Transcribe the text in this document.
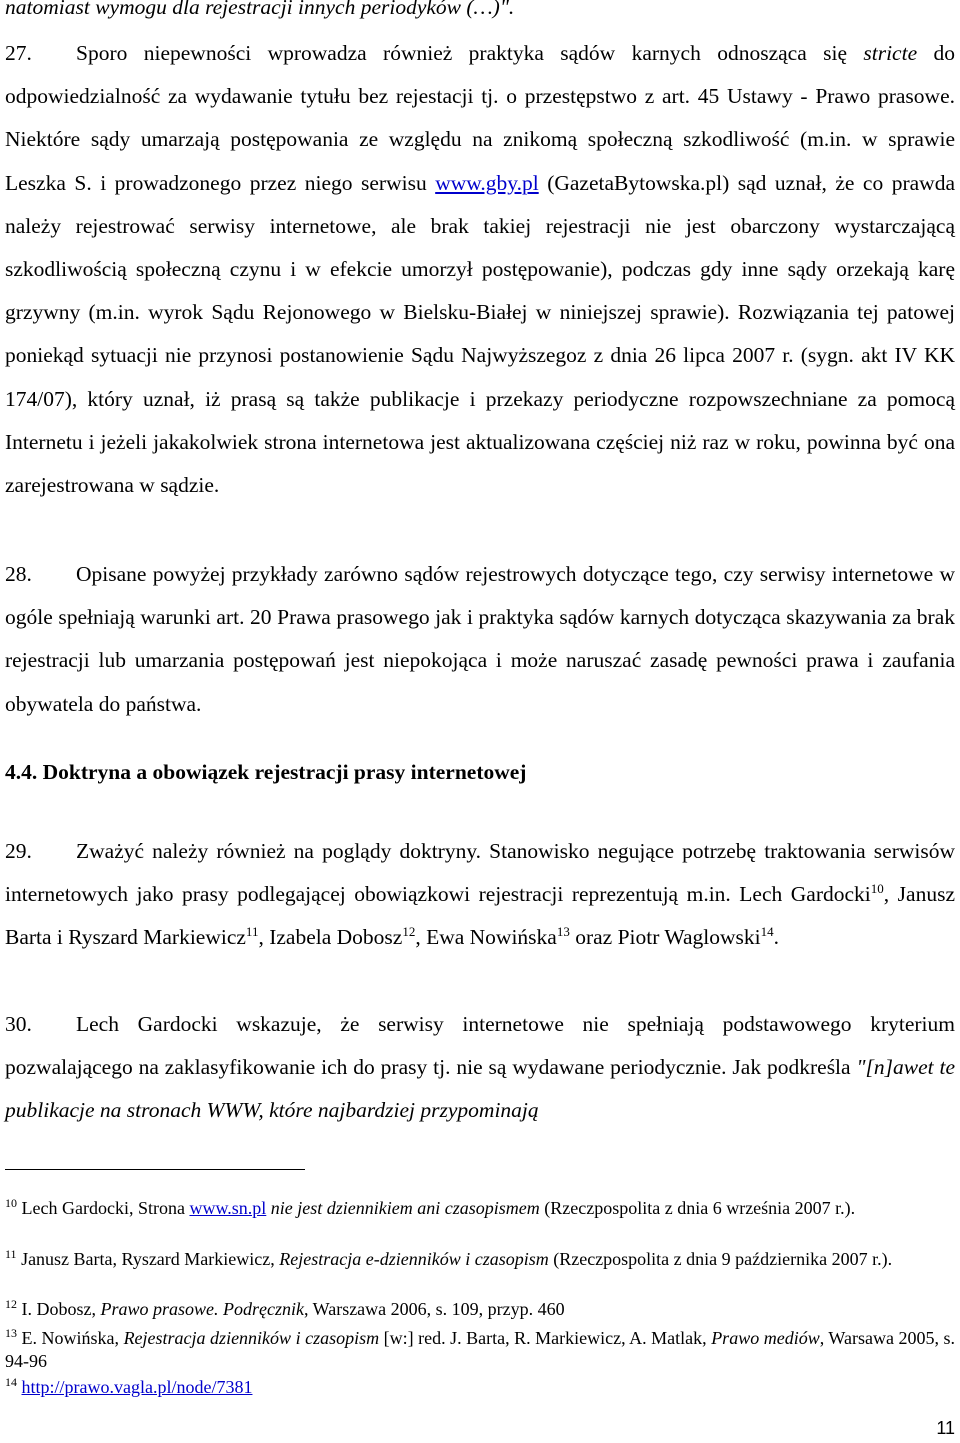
natomiast wymogu dla rejestracji innych periodyków (…)".

27. Sporo niepewności wprowadza również praktyka sądów karnych odnosząca się stricte do odpowiedzialność za wydawanie tytułu bez rejestacji tj. o przestępstwo z art. 45 Ustawy - Prawo prasowe. Niektóre sądy umarzają postępowania ze względu na znikomą społeczną szkodliwość (m.in. w sprawie Leszka S. i prowadzonego przez niego serwisu www.gby.pl (GazetaBytowska.pl) sąd uznał, że co prawda należy rejestrować serwisy internetowe, ale brak takiej rejestracji nie jest obarczony wystarczającą szkodliwością społeczną czynu i w efekcie umorzył postępowanie), podczas gdy inne sądy orzekają karę grzywny (m.in. wyrok Sądu Rejonowego w Bielsku-Białej w niniejszej sprawie). Rozwiązania tej patowej poniekąd sytuacji nie przynosi postanowienie Sądu Najwyższegoz z dnia 26 lipca 2007 r. (sygn. akt IV KK 174/07), który uznał, iż prasą są także publikacje i przekazy periodyczne rozpowszechniane za pomocą Internetu i jeżeli jakakolwiek strona internetowa jest aktualizowana częściej niż raz w roku, powinna być ona zarejestrowana w sądzie.

28. Opisane powyżej przykłady zarówno sądów rejestrowych dotyczące tego, czy serwisy internetowe w ogóle spełniają warunki art. 20 Prawa prasowego jak i praktyka sądów karnych dotycząca skazywania za brak rejestracji lub umarzania postępowań jest niepokojąca i może naruszać zasadę pewności prawa i zaufania obywatela do państwa.

4.4. Doktryna a obowiązek rejestracji prasy internetowej

29. Zważyć należy również na poglądy doktryny. Stanowisko negujące potrzebę traktowania serwisów internetowych jako prasy podlegającej obowiązkowi rejestracji reprezentują m.in. Lech Gardocki$^{10}$, Janusz Barta i Ryszard Markiewicz$^{11}$, Izabela Dobosz$^{12}$, Ewa Nowińska$^{13}$ oraz Piotr Waglowski$^{14}$.

30. Lech Gardocki wskazuje, że serwisy internetowe nie spełniają podstawowego kryterium pozwalającego na zaklasyfikowanie ich do prasy tj. nie są wydawane periodycznie. Jak podkreśla "[n]awet te publikacje na stronach WWW, które najbardziej przypominają

$^{10}$ Lech Gardocki, Strona www.sn.pl nie jest dziennikiem ani czasopismem (Rzeczpospolita z dnia 6 września 2007 r.).

$^{11}$ Janusz Barta, Ryszard Markiewicz, Rejestracja e-dzienników i czasopism (Rzeczpospolita z dnia 9 października 2007 r.).

$^{12}$ I. Dobosz, Prawo prasowe. Podręcznik, Warszawa 2006, s. 109, przyp. 460

$^{13}$ E. Nowińska, Rejestracja dzienników i czasopism [w:] red. J. Barta, R. Markiewicz, A. Matlak, Prawo mediów, Warsawa 2005, s. 94-96

$^{14}$ http://prawo.vagla.pl/node/7381

11
